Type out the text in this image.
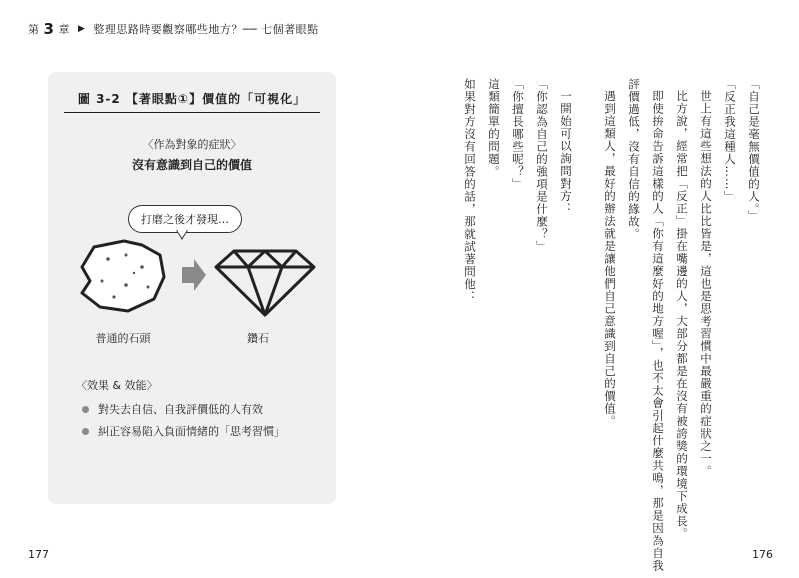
第 3 章 ▶ 整理思路時要觀察哪些地方？── 七個著眼點
圖 3-2 【著眼點①】價值的「可視化」
〈作為對象的症狀〉
沒有意識到自己的價值
打磨之後才發現…
普通的石頭	鑽石
〈效果 & 效能〉
對失去自信、自我評價低的人有效
糾正容易陷入負面情緒的「思考習慣」
「自己是毫無價值的人。」
「反正我這種人……」
世上有這些想法的人比比皆是，這也是思考習慣中最嚴重的症狀之一。
比方說，經常把「反正」掛在嘴邊的人，大部分都是在沒有被誇獎的環境下成長。
即使拚命告訴這樣的人「你有這麼好的地方喔」，也不太會引起什麼共鳴，那是因為自我
評價過低，沒有自信的緣故。
遇到這類人，最好的辦法就是讓他們自己意識到自己的價值。
一開始可以詢問對方：
「你認為自己的強項是什麼？」
「你擅長哪些呢？」
這類簡單的問題。
如果對方沒有回答的話，那就試著問他：
177	176
